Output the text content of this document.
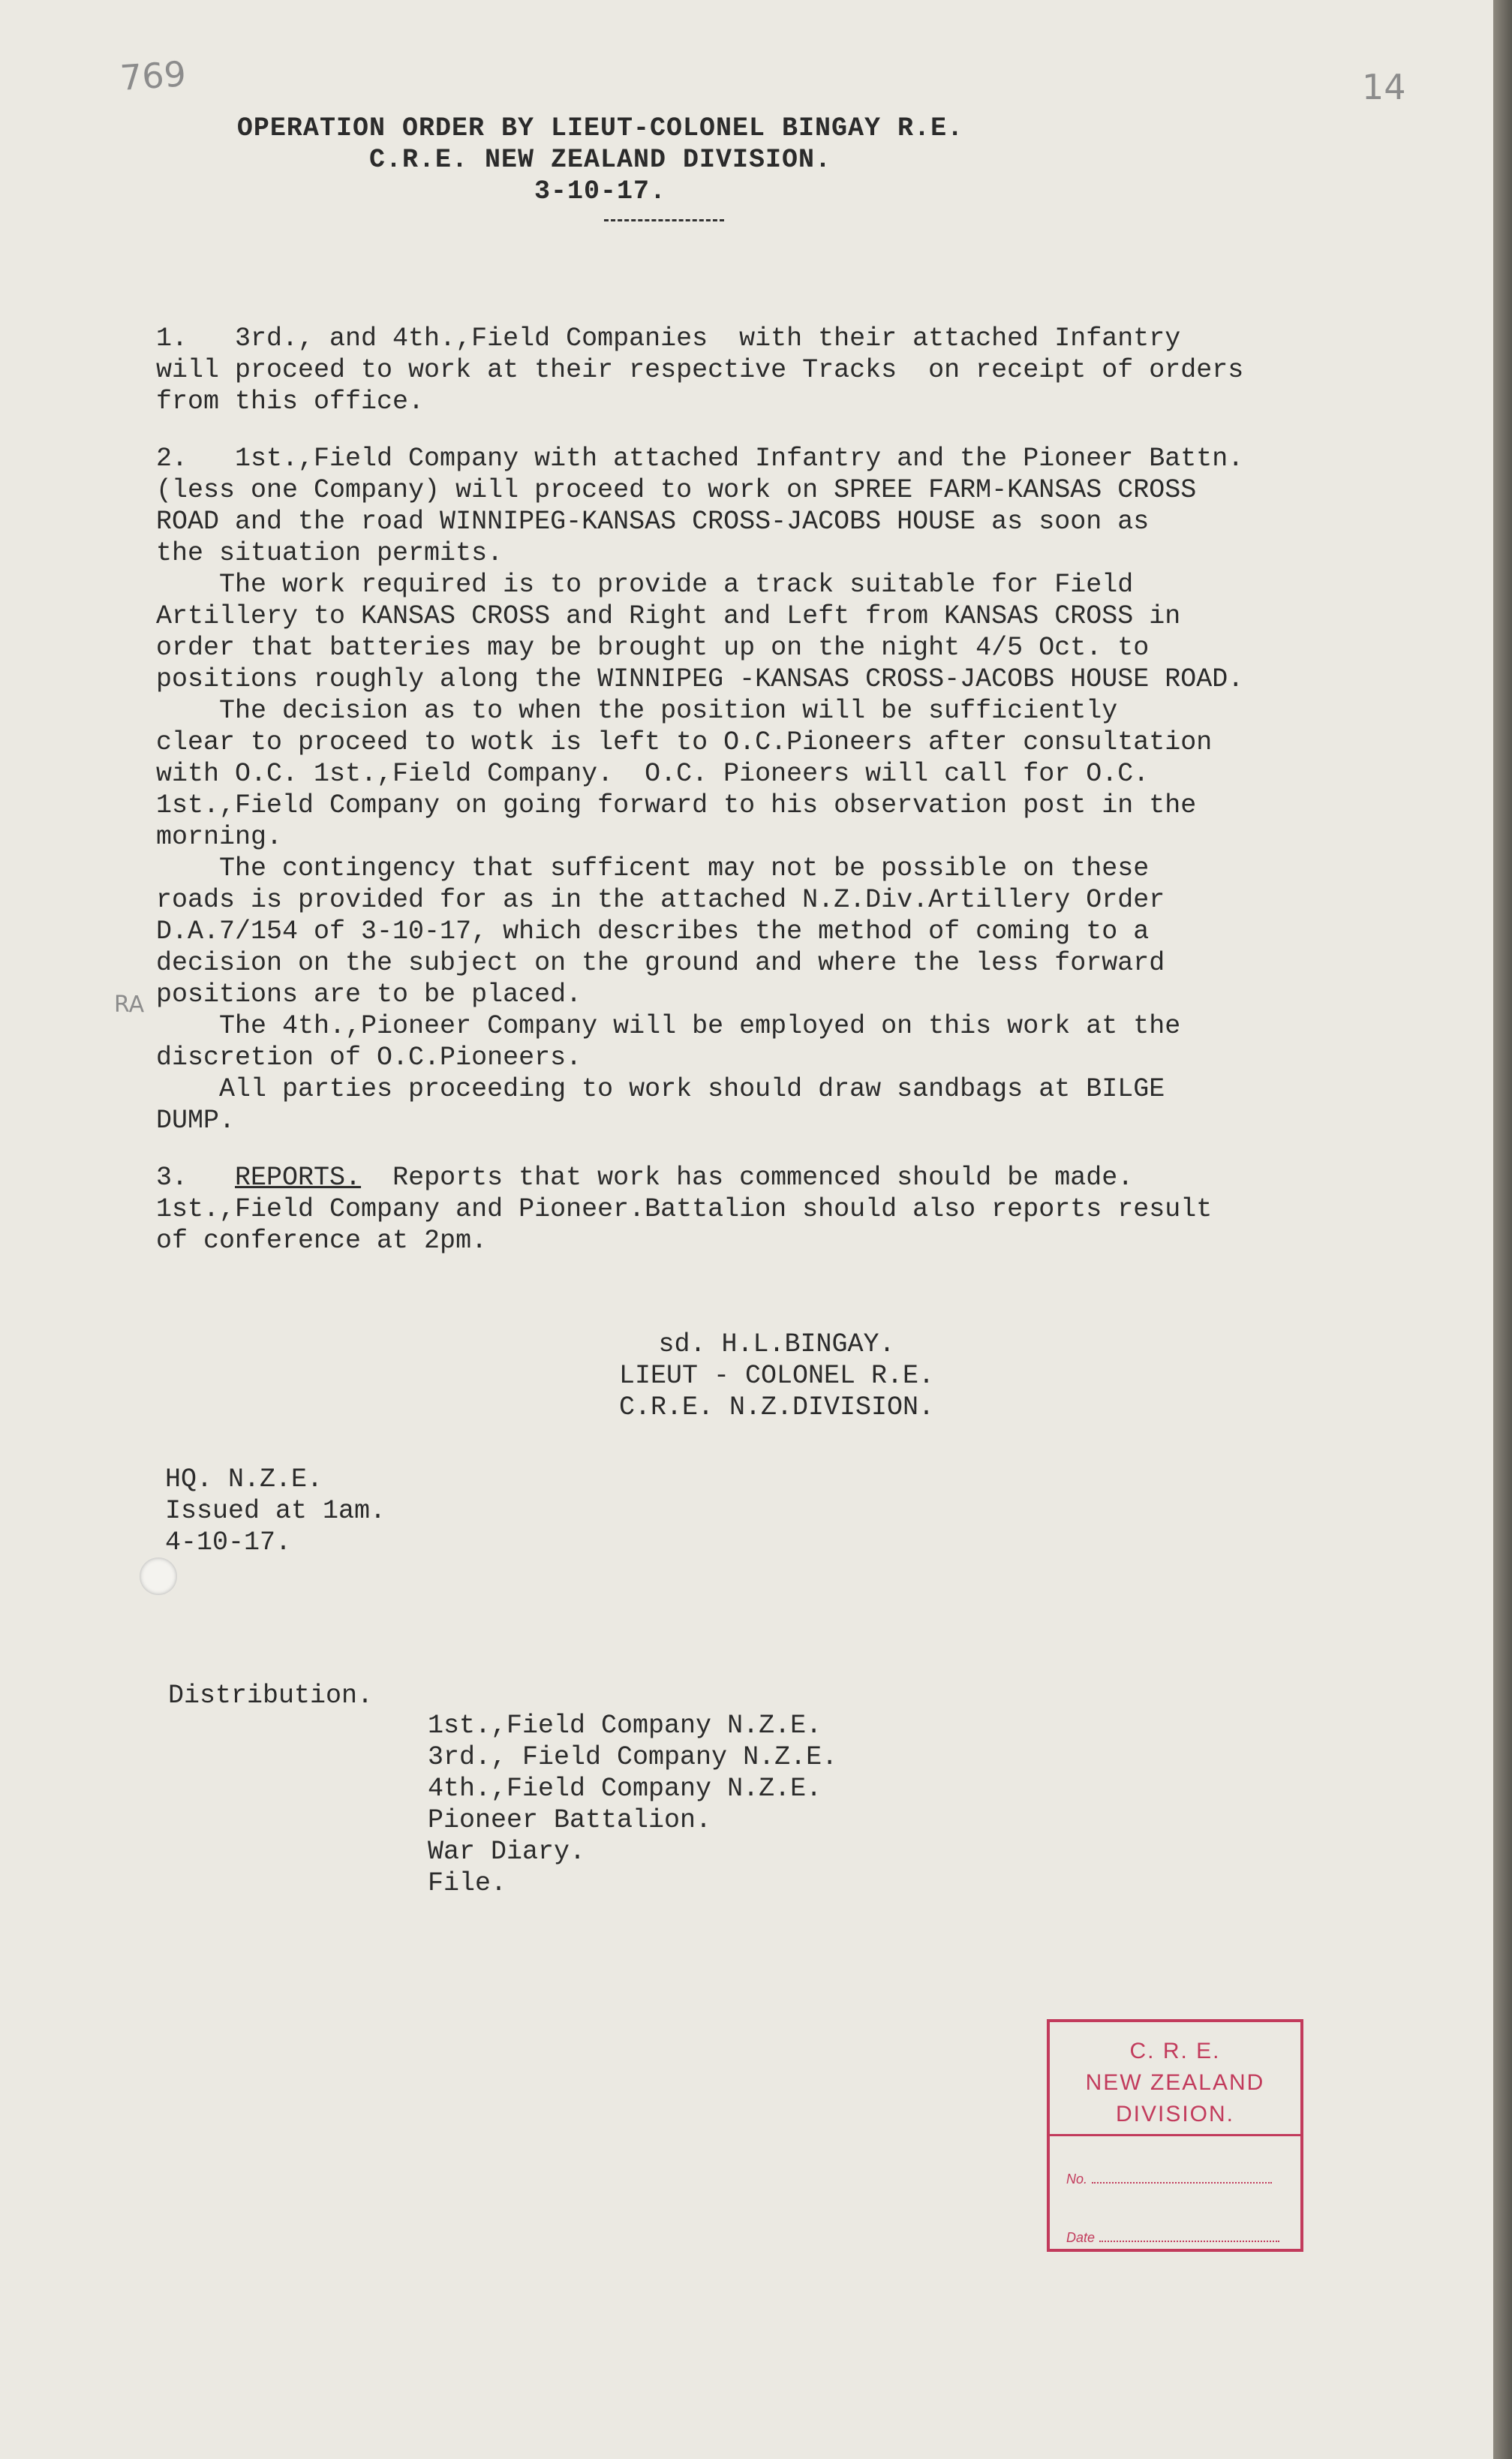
769	14
OPERATION ORDER BY LIEUT-COLONEL BINGAY R.E.
C.R.E. NEW ZEALAND DIVISION.
3-10-17.
1.   3rd., and 4th.,Field Companies  with their attached Infantry
will proceed to work at their respective Tracks  on receipt of orders
from this office.
2.   1st.,Field Company with attached Infantry and the Pioneer Battn.
(less one Company) will proceed to work on SPREE FARM-KANSAS CROSS
ROAD and the road WINNIPEG-KANSAS CROSS-JACOBS HOUSE as soon as
the situation permits.
The work required is to provide a track suitable for Field
Artillery to KANSAS CROSS and Right and Left from KANSAS CROSS in
order that batteries may be brought up on the night 4/5 Oct. to
positions roughly along the WINNIPEG -KANSAS CROSS-JACOBS HOUSE ROAD.
The decision as to when the position will be sufficiently
clear to proceed to wotk is left to O.C.Pioneers after consultation
with O.C. 1st.,Field Company.  O.C. Pioneers will call for O.C.
1st.,Field Company on going forward to his observation post in the
morning.
The contingency that sufficent may not be possible on these
roads is provided for as in the attached N.Z.Div.Artillery Order
D.A.7/154 of 3-10-17, which describes the method of coming to a
decision on the subject on the ground and where the less forward
positions are to be placed.
The 4th.,Pioneer Company will be employed on this work at the
discretion of O.C.Pioneers.
All parties proceeding to work should draw sandbags at BILGE
DUMP.
3. REPORTS.  Reports that work has commenced should be made.
1st.,Field Company and Pioneer.Battalion should also reports result
of conference at 2pm.
RA
sd. H.L.BINGAY.
LIEUT - COLONEL R.E.
C.R.E. N.Z.DIVISION.
HQ. N.Z.E.
Issued at 1am.
4-10-17.
Distribution.
1st.,Field Company N.Z.E.
3rd., Field Company N.Z.E.
4th.,Field Company N.Z.E.
Pioneer Battalion.
War Diary.
File.
C. R. E.
NEW ZEALAND
DIVISION.
No.
Date
